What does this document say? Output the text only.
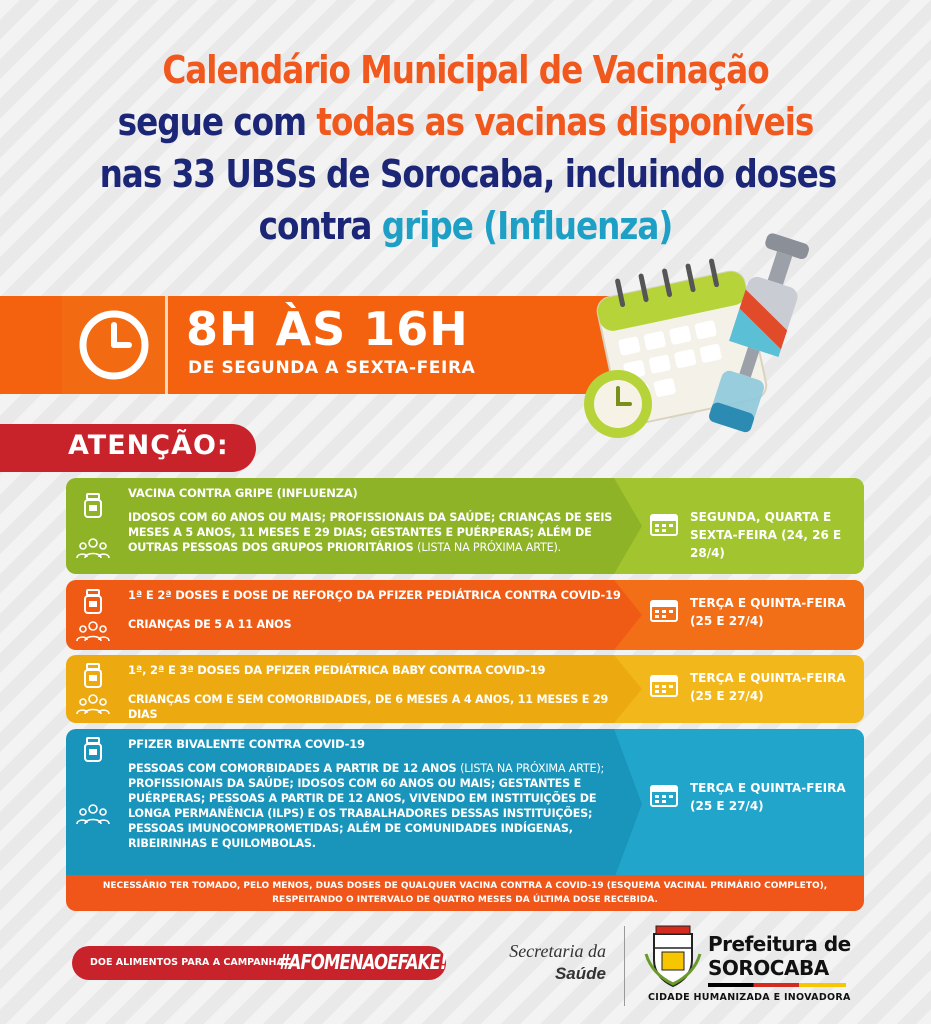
Calendário Municipal de Vacinação
segue com todas as vacinas disponíveis
nas 33 UBSs de Sorocaba, incluindo doses
contra gripe (Influenza)
8H ÀS 16H
DE SEGUNDA A SEXTA-FEIRA
ATENÇÃO:
VACINA CONTRA GRIPE (INFLUENZA)
IDOSOS COM 60 ANOS OU MAIS; PROFISSIONAIS DA SAÚDE; CRIANÇAS DE SEIS MESES A 5 ANOS, 11 MESES E 29 DIAS; GESTANTES E PUÉRPERAS; ALÉM DE OUTRAS PESSOAS DOS GRUPOS PRIORITÁRIOS (LISTA NA PRÓXIMA ARTE).
SEGUNDA, QUARTA E
SEXTA-FEIRA (24, 26 E 28/4)
1ª E 2ª DOSES E DOSE DE REFORÇO DA PFIZER PEDIÁTRICA CONTRA COVID-19
CRIANÇAS DE 5 A 11 ANOS
TERÇA E QUINTA-FEIRA
(25 E 27/4)
1ª, 2ª E 3ª DOSES DA PFIZER PEDIÁTRICA BABY CONTRA COVID-19
CRIANÇAS COM E SEM COMORBIDADES, DE 6 MESES A 4 ANOS, 11 MESES E 29 DIAS
TERÇA E QUINTA-FEIRA
(25 E 27/4)
PFIZER BIVALENTE CONTRA COVID-19
PESSOAS COM COMORBIDADES A PARTIR DE 12 ANOS (LISTA NA PRÓXIMA ARTE); PROFISSIONAIS DA SAÚDE; IDOSOS COM 60 ANOS OU MAIS; GESTANTES E PUÉRPERAS; PESSOAS A PARTIR DE 12 ANOS, VIVENDO EM INSTITUIÇÕES DE LONGA PERMANÊNCIA (ILPS) E OS TRABALHADORES DESSAS INSTITUIÇÕES; PESSOAS IMUNOCOMPROMETIDAS; ALÉM DE COMUNIDADES INDÍGENAS, RIBEIRINHAS E QUILOMBOLAS.
TERÇA E QUINTA-FEIRA
(25 E 27/4)
NECESSÁRIO TER TOMADO, PELO MENOS, DUAS DOSES DE QUALQUER VACINA CONTRA A COVID-19 (ESQUEMA VACINAL PRIMÁRIO COMPLETO),
RESPEITANDO O INTERVALO DE QUATRO MESES DA ÚLTIMA DOSE RECEBIDA.
DOE ALIMENTOS PARA A CAMPANHA
#AFOMENAOEFAKE!	Secretaria da
Saúde
Prefeitura de
SOROCABA
CIDADE HUMANIZADA E INOVADORA
